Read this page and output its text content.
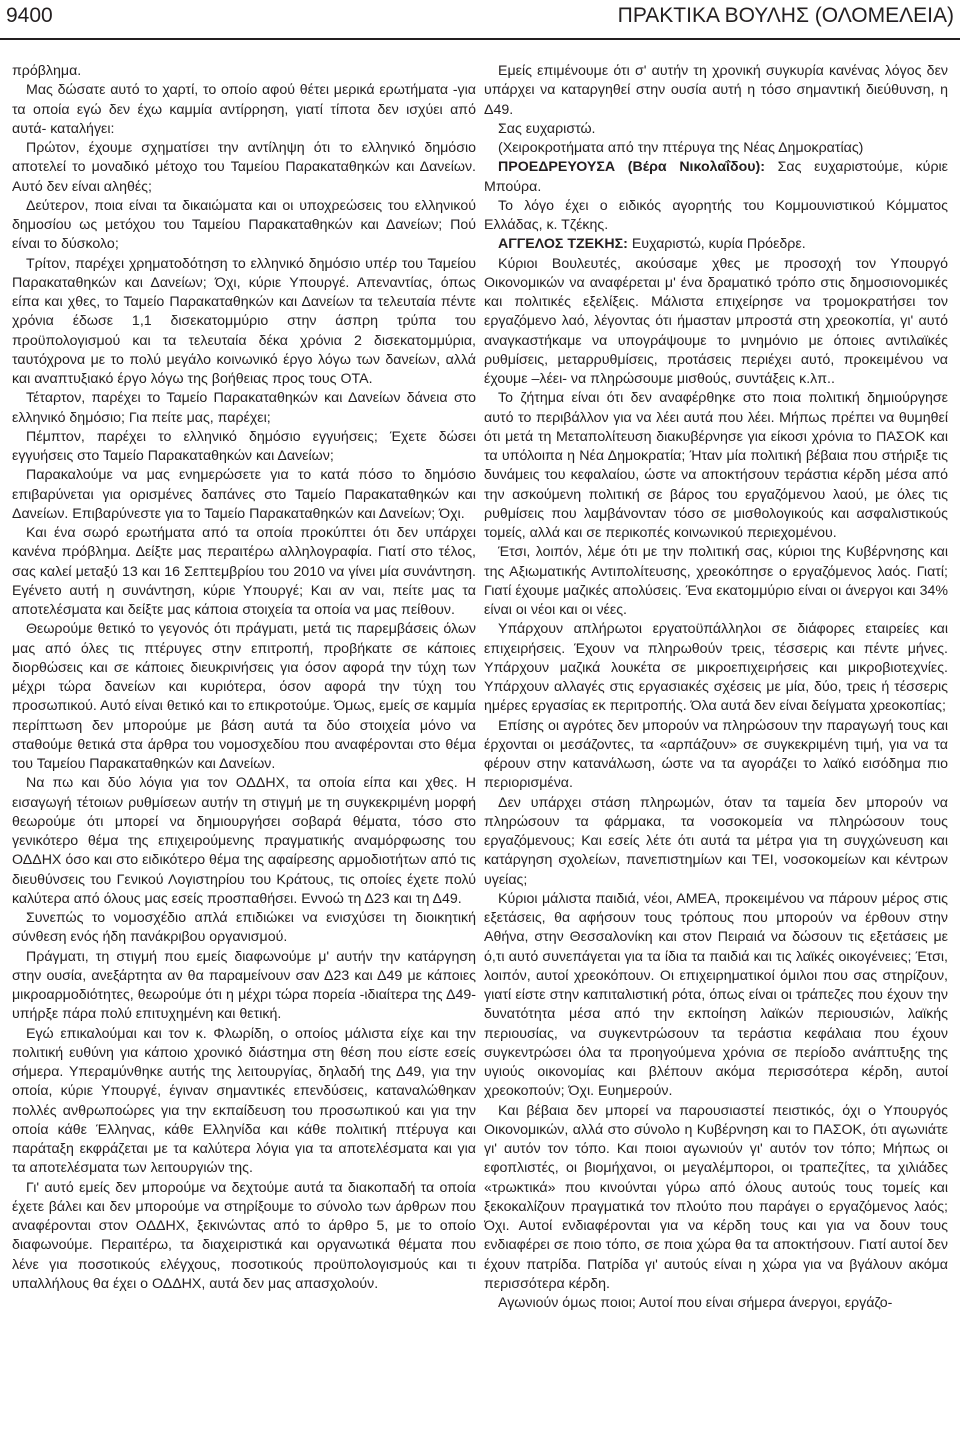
9400	ΠΡΑΚΤΙΚΑ ΒΟΥΛΗΣ (ΟΛΟΜΕΛΕΙΑ)

πρόβλημα.

Μας δώσατε αυτό το χαρτί, το οποίο αφού θέτει μερικά ερωτήματα -για τα οποία εγώ δεν έχω καμμία αντίρρηση, γιατί τίποτα δεν ισχύει από αυτά- καταλήγει:

Πρώτον, έχουμε σχηματίσει την αντίληψη ότι το ελληνικό δημόσιο αποτελεί το μοναδικό μέτοχο του Ταμείου Παρακαταθηκών και Δανείων. Αυτό δεν είναι αληθές;

Δεύτερον, ποια είναι τα δικαιώματα και οι υποχρεώσεις του ελληνικού δημοσίου ως μετόχου του Ταμείου Παρακαταθηκών και Δανείων; Πού είναι το δύσκολο;

Τρίτον, παρέχει χρηματοδότηση το ελληνικό δημόσιο υπέρ του Ταμείου Παρακαταθηκών και Δανείων; Όχι, κύριε Υπουργέ. Απεναντίας, όπως είπα και χθες, το Ταμείο Παρακαταθηκών και Δανείων τα τελευταία πέντε χρόνια έδωσε 1,1 δισεκατομμύριο στην άσπρη τρύπα του προϋπολογισμού και τα τελευταία δέκα χρόνια 2 δισεκατομμύρια, ταυτόχρονα με το πολύ μεγάλο κοινωνικό έργο λόγω των δανείων, αλλά και αναπτυξιακό έργο λόγω της βοήθειας προς τους ΟΤΑ.

Τέταρτον, παρέχει το Ταμείο Παρακαταθηκών και Δανείων δάνεια στο ελληνικό δημόσιο; Για πείτε μας, παρέχει;

Πέμπτον, παρέχει το ελληνικό δημόσιο εγγυήσεις; Έχετε δώσει εγγυήσεις στο Ταμείο Παρακαταθηκών και Δανείων;

Παρακαλούμε να μας ενημερώσετε για το κατά πόσο το δημόσιο επιβαρύνεται για ορισμένες δαπάνες στο Ταμείο Παρακαταθηκών και Δανείων. Επιβαρύνεστε για το Ταμείο Παρακαταθηκών και Δανείων; Όχι.

Και ένα σωρό ερωτήματα από τα οποία προκύπτει ότι δεν υπάρχει κανένα πρόβλημα. Δείξτε μας περαιτέρω αλληλογραφία. Γιατί στο τέλος, σας καλεί μεταξύ 13 και 16 Σεπτεμβρίου του 2010 να γίνει μία συνάντηση. Εγένετο αυτή η συνάντηση, κύριε Υπουργέ; Και αν ναι, πείτε μας τα αποτελέσματα και δείξτε μας κάποια στοιχεία τα οποία να μας πείθουν.

Θεωρούμε θετικό το γεγονός ότι πράγματι, μετά τις παρεμβάσεις όλων μας από όλες τις πτέρυγες στην επιτροπή, προβήκατε σε κάποιες διορθώσεις και σε κάποιες διευκρινήσεις για όσον αφορά την τύχη των μέχρι τώρα δανείων και κυριότερα, όσον αφορά την τύχη του προσωπικού. Αυτό είναι θετικό και το επικροτούμε. Όμως, εμείς σε καμμία περίπτωση δεν μπορούμε με βάση αυτά τα δύο στοιχεία μόνο να σταθούμε θετικά στα άρθρα του νομοσχεδίου που αναφέρονται στο θέμα του Ταμείου Παρακαταθηκών και Δανείων.

Να πω και δύο λόγια για τον ΟΔΔΗΧ, τα οποία είπα και χθες. Η εισαγωγή τέτοιων ρυθμίσεων αυτήν τη στιγμή με τη συγκεκριμένη μορφή θεωρούμε ότι μπορεί να δημιουργήσει σοβαρά θέματα, τόσο στο γενικότερο θέμα της επιχειρούμενης πραγματικής αναμόρφωσης του ΟΔΔΗΧ όσο και στο ειδικότερο θέμα της αφαίρεσης αρμοδιοτήτων από τις διευθύνσεις του Γενικού Λογιστηρίου του Κράτους, τις οποίες έχετε πολύ καλύτερα από όλους μας εσείς προσπαθήσει. Εννοώ τη Δ23 και τη Δ49.

Συνεπώς το νομοσχέδιο απλά επιδιώκει να ενισχύσει τη διοικητική σύνθεση ενός ήδη πανάκριβου οργανισμού.

Πράγματι, τη στιγμή που εμείς διαφωνούμε μ' αυτήν την κατάργηση στην ουσία, ανεξάρτητα αν θα παραμείνουν σαν Δ23 και Δ49 με κάποιες μικροαρμοδιότητες, θεωρούμε ότι η μέχρι τώρα πορεία -ιδιαίτερα της Δ49- υπήρξε πάρα πολύ επιτυχημένη και θετική.

Εγώ επικαλούμαι και τον κ. Φλωρίδη, ο οποίος μάλιστα είχε και την πολιτική ευθύνη για κάποιο χρονικό διάστημα στη θέση που είστε εσείς σήμερα. Υπεραμύνθηκε αυτής της λειτουργίας, δηλαδή της Δ49, για την οποία, κύριε Υπουργέ, έγιναν σημαντικές επενδύσεις, καταναλώθηκαν πολλές ανθρωποώρες για την εκπαίδευση του προσωπικού και για την οποία κάθε Έλληνας, κάθε Ελληνίδα και κάθε πολιτική πτέρυγα και παράταξη εκφράζεται με τα καλύτερα λόγια για τα αποτελέσματα και για τα αποτελέσματα των λειτουργιών της.

Γι' αυτό εμείς δεν μπορούμε να δεχτούμε αυτά τα διακοπαδή τα οποία έχετε βάλει και δεν μπορούμε να στηρίξουμε το σύνολο των άρθρων που αναφέρονται στον ΟΔΔΗΧ, ξεκινώντας από το άρθρο 5, με το οποίο διαφωνούμε. Περαιτέρω, τα διαχειριστικά και οργανωτικά θέματα που λένε για ποσοτικούς ελέγχους, ποσοτικούς προϋπολογισμούς και τι υπαλλήλους θα έχει ο ΟΔΔΗΧ, αυτά δεν μας απασχολούν.

Εμείς επιμένουμε ότι σ' αυτήν τη χρονική συγκυρία κανένας λόγος δεν υπάρχει να καταργηθεί στην ουσία αυτή η τόσο σημαντική διεύθυνση, η Δ49.

Σας ευχαριστώ.

(Χειροκροτήματα από την πτέρυγα της Νέας Δημοκρατίας)

ΠΡΟΕΔΡΕΥΟΥΣΑ (Βέρα Νικολαΐδου): Σας ευχαριστούμε, κύριε Μπούρα.

Το λόγο έχει ο ειδικός αγορητής του Κομμουνιστικού Κόμματος Ελλάδας, κ. Τζέκης.

ΑΓΓΕΛΟΣ ΤΖΕΚΗΣ: Ευχαριστώ, κυρία Πρόεδρε.

Κύριοι Βουλευτές, ακούσαμε χθες με προσοχή τον Υπουργό Οικονομικών να αναφέρεται μ' ένα δραματικό τρόπο στις δημοσιονομικές και πολιτικές εξελίξεις. Μάλιστα επιχείρησε να τρομοκρατήσει τον εργαζόμενο λαό, λέγοντας ότι ήμασταν μπροστά στη χρεοκοπία, γι' αυτό αναγκαστήκαμε να υπογράψουμε το μνημόνιο με όποιες αντιλαϊκές ρυθμίσεις, μεταρρυθμίσεις, προτάσεις περιέχει αυτό, προκειμένου να έχουμε –λέει- να πληρώσουμε μισθούς, συντάξεις κ.λπ..

Το ζήτημα είναι ότι δεν αναφέρθηκε στο ποια πολιτική δημιούργησε αυτό το περιβάλλον για να λέει αυτά που λέει. Μήπως πρέπει να θυμηθεί ότι μετά τη Μεταπολίτευση διακυβέρνησε για είκοσι χρόνια το ΠΑΣΟΚ και τα υπόλοιπα η Νέα Δημοκρατία; Ήταν μία πολιτική βέβαια που στήριξε τις δυνάμεις του κεφαλαίου, ώστε να αποκτήσουν τεράστια κέρδη μέσα από την ασκούμενη πολιτική σε βάρος του εργαζόμενου λαού, με όλες τις ρυθμίσεις που λαμβάνονταν τόσο σε μισθολογικούς και ασφαλιστικούς τομείς, αλλά και σε περικοπές κοινωνικού περιεχομένου.

Έτσι, λοιπόν, λέμε ότι με την πολιτική σας, κύριοι της Κυβέρνησης και της Αξιωματικής Αντιπολίτευσης, χρεοκόπησε ο εργαζόμενος λαός. Γιατί; Γιατί έχουμε μαζικές απολύσεις. Ένα εκατομμύριο είναι οι άνεργοι και 34% είναι οι νέοι και οι νέες.

Υπάρχουν απλήρωτοι εργατοϋπάλληλοι σε διάφορες εταιρείες και επιχειρήσεις. Έχουν να πληρωθούν τρεις, τέσσερις και πέντε μήνες. Υπάρχουν μαζικά λουκέτα σε μικροεπιχειρήσεις και μικροβιοτεχνίες. Υπάρχουν αλλαγές στις εργασιακές σχέσεις με μία, δύο, τρεις ή τέσσερις ημέρες εργασίας εκ περιτροπής. Όλα αυτά δεν είναι δείγματα χρεοκοπίας;

Επίσης οι αγρότες δεν μπορούν να πληρώσουν την παραγωγή τους και έρχονται οι μεσάζοντες, τα «αρπάζουν» σε συγκεκριμένη τιμή, για να τα φέρουν στην κατανάλωση, ώστε να τα αγοράζει το λαϊκό εισόδημα πιο περιορισμένα.

Δεν υπάρχει στάση πληρωμών, όταν τα ταμεία δεν μπορούν να πληρώσουν τα φάρμακα, τα νοσοκομεία να πληρώσουν τους εργαζόμενους; Και εσείς λέτε ότι αυτά τα μέτρα για τη συγχώνευση και κατάργηση σχολείων, πανεπιστημίων και ΤΕΙ, νοσοκομείων και κέντρων υγείας;

Κύριοι μάλιστα παιδιά, νέοι, ΑΜΕΑ, προκειμένου να πάρουν μέρος στις εξετάσεις, θα αφήσουν τους τρόπους που μπορούν να έρθουν στην Αθήνα, στην Θεσσαλονίκη και στον Πειραιά να δώσουν τις εξετάσεις με ό,τι αυτό συνεπάγεται για τα ίδια τα παιδιά και τις λαϊκές οικογένειες; Έτσι, λοιπόν, αυτοί χρεοκόπουν. Οι επιχειρηματικοί όμιλοι που σας στηρίζουν, γιατί είστε στην καπιταλιστική ρότα, όπως είναι οι τράπεζες που έχουν την δυνατότητα μέσα από την εκποίηση λαϊκών περιουσιών, λαϊκής περιουσίας, να συγκεντρώσουν τα τεράστια κεφάλαια που έχουν συγκεντρώσει όλα τα προηγούμενα χρόνια σε περίοδο ανάπτυξης της υγιούς οικονομίας και βλέπουν ακόμα περισσότερα κέρδη, αυτοί χρεοκοπούν; Όχι. Ευημερούν.

Και βέβαια δεν μπορεί να παρουσιαστεί πειστικός, όχι ο Υπουργός Οικονομικών, αλλά στο σύνολο η Κυβέρνηση και το ΠΑΣΟΚ, ότι αγωνιάτε γι' αυτόν τον τόπο. Και ποιοι αγωνιούν γι' αυτόν τον τόπο; Μήπως οι εφοπλιστές, οι βιομήχανοι, οι μεγαλέμποροι, οι τραπεζίτες, τα χιλιάδες «τρωκτικά» που κινούνται γύρω από όλους αυτούς τους τομείς και ξεκοκαλίζουν πραγματικά τον πλούτο που παράγει ο εργαζόμενος λαός; Όχι. Αυτοί ενδιαφέρονται για να κέρδη τους και για να δουν τους ενδιαφέρει σε ποιο τόπο, σε ποια χώρα θα τα αποκτήσουν. Γιατί αυτοί δεν έχουν πατρίδα. Πατρίδα γι' αυτούς είναι η χώρα για να βγάλουν ακόμα περισσότερα κέρδη.

Αγωνιούν όμως ποιοι; Αυτοί που είναι σήμερα άνεργοι, εργάζο-
